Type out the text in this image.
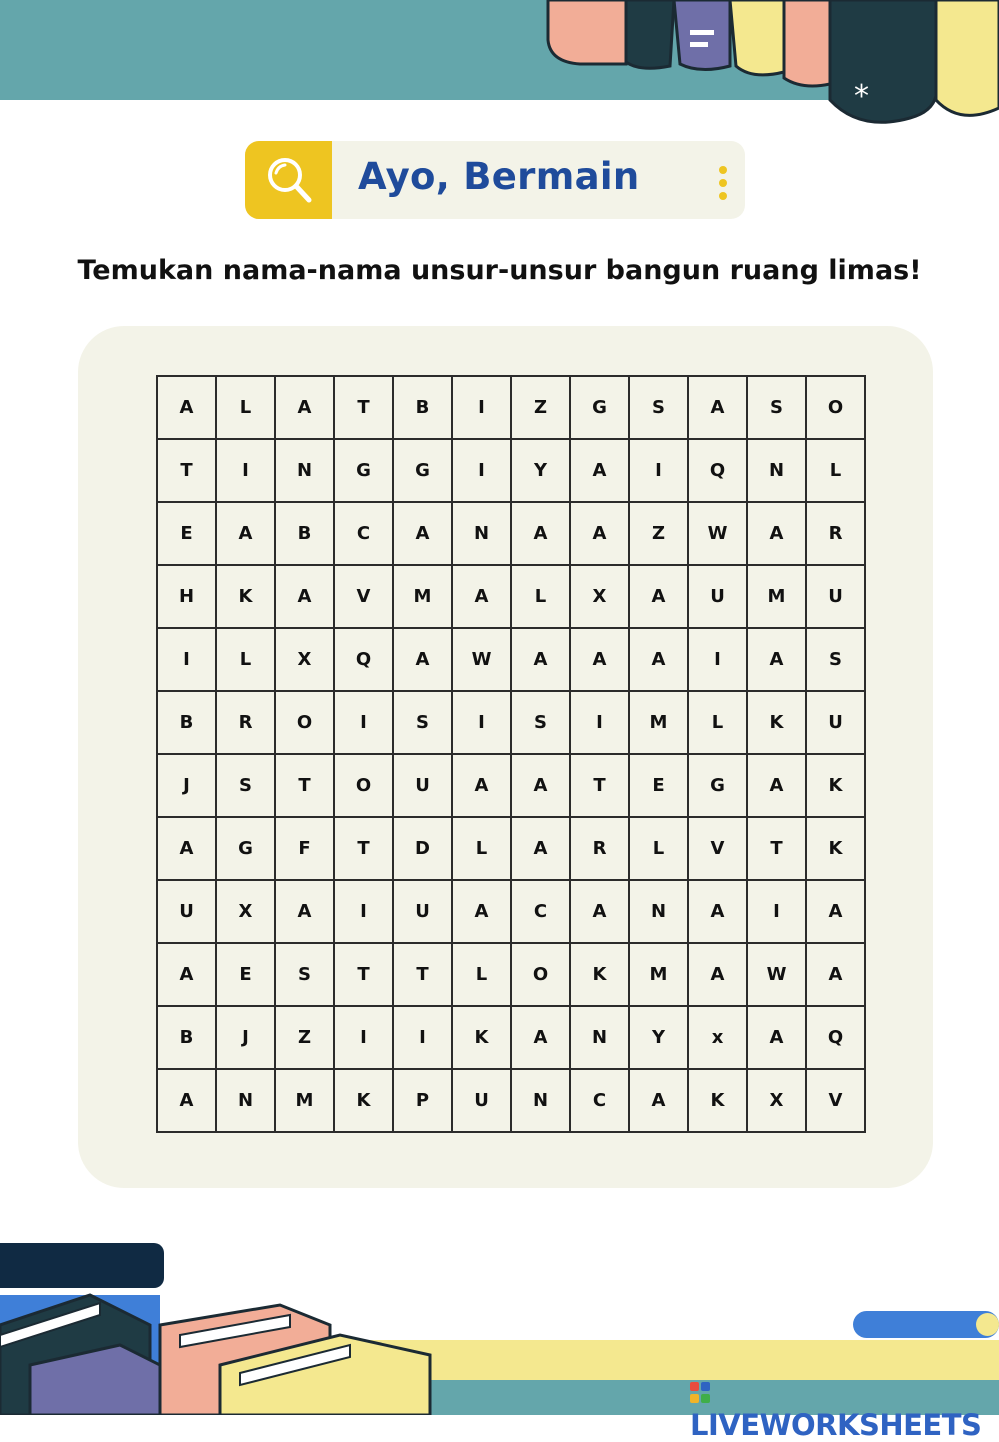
*
Ayo, Bermain
Temukan nama-nama unsur-unsur bangun ruang limas!
A	L	A	T	B	I	Z	G	S	A	S	O
T	I	N	G	G	I	Y	A	I	Q	N	L
E	A	B	C	A	N	A	A	Z	W	A	R
H	K	A	V	M	A	L	X	A	U	M	U
I	L	X	Q	A	W	A	A	A	I	A	S
B	R	O	I	S	I	S	I	M	L	K	U
J	S	T	O	U	A	A	T	E	G	A	K
A	G	F	T	D	L	A	R	L	V	T	K
U	X	A	I	U	A	C	A	N	A	I	A
A	E	S	T	T	L	O	K	M	A	W	A
B	J	Z	I	I	K	A	N	Y	x	A	Q
A	N	M	K	P	U	N	C	A	K	X	V
LIVEWORKSHEETS
